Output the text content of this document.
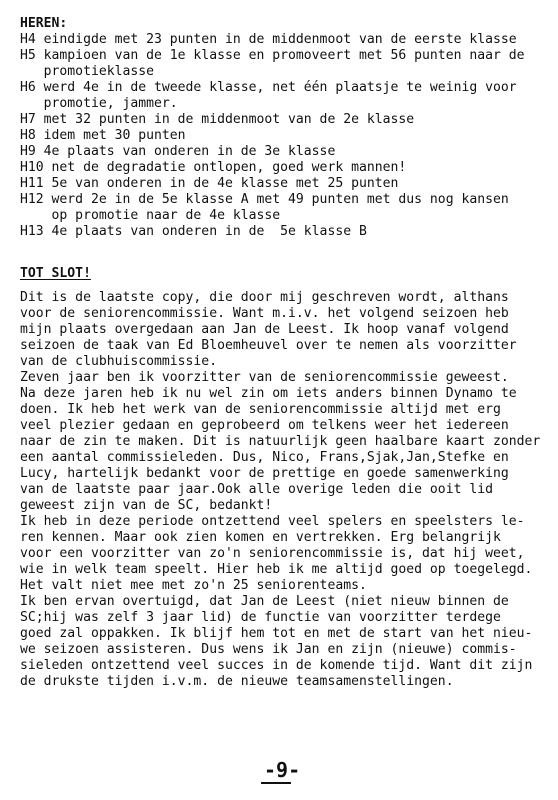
HEREN:
H4 eindigde met 23 punten in de middenmoot van de eerste klasse
H5 kampioen van de 1e klasse en promoveert met 56 punten naar de
promotieklasse
H6 werd 4e in de tweede klasse, net één plaatsje te weinig voor
promotie, jammer.
H7 met 32 punten in de middenmoot van de 2e klasse
H8 idem met 30 punten
H9 4e plaats van onderen in de 3e klasse
H10 net de degradatie ontlopen, goed werk mannen!
H11 5e van onderen in de 4e klasse met 25 punten
H12 werd 2e in de 5e klasse A met 49 punten met dus nog kansen
op promotie naar de 4e klasse
H13 4e plaats van onderen in de  5e klasse B
TOT SLOT!
Dit is de laatste copy, die door mij geschreven wordt, althans
voor de seniorencommissie. Want m.i.v. het volgend seizoen heb
mijn plaats overgedaan aan Jan de Leest. Ik hoop vanaf volgend
seizoen de taak van Ed Bloemheuvel over te nemen als voorzitter
van de clubhuiscommissie.
Zeven jaar ben ik voorzitter van de seniorencommissie geweest.
Na deze jaren heb ik nu wel zin om iets anders binnen Dynamo te
doen. Ik heb het werk van de seniorencommissie altijd met erg
veel plezier gedaan en geprobeerd om telkens weer het iedereen
naar de zin te maken. Dit is natuurlijk geen haalbare kaart zonder
een aantal commissieleden. Dus, Nico, Frans,Sjak,Jan,Stefke en
Lucy, hartelijk bedankt voor de prettige en goede samenwerking
van de laatste paar jaar.Ook alle overige leden die ooit lid
geweest zijn van de SC, bedankt!
Ik heb in deze periode ontzettend veel spelers en speelsters le-
ren kennen. Maar ook zien komen en vertrekken. Erg belangrijk
voor een voorzitter van zo'n seniorencommissie is, dat hij weet,
wie in welk team speelt. Hier heb ik me altijd goed op toegelegd.
Het valt niet mee met zo'n 25 seniorenteams.
Ik ben ervan overtuigd, dat Jan de Leest (niet nieuw binnen de
SC;hij was zelf 3 jaar lid) de functie van voorzitter terdege
goed zal oppakken. Ik blijf hem tot en met de start van het nieu-
we seizoen assisteren. Dus wens ik Jan en zijn (nieuwe) commis-
sieleden ontzettend veel succes in de komende tijd. Want dit zijn
de drukste tijden i.v.m. de nieuwe teamsamenstellingen.
-9-
